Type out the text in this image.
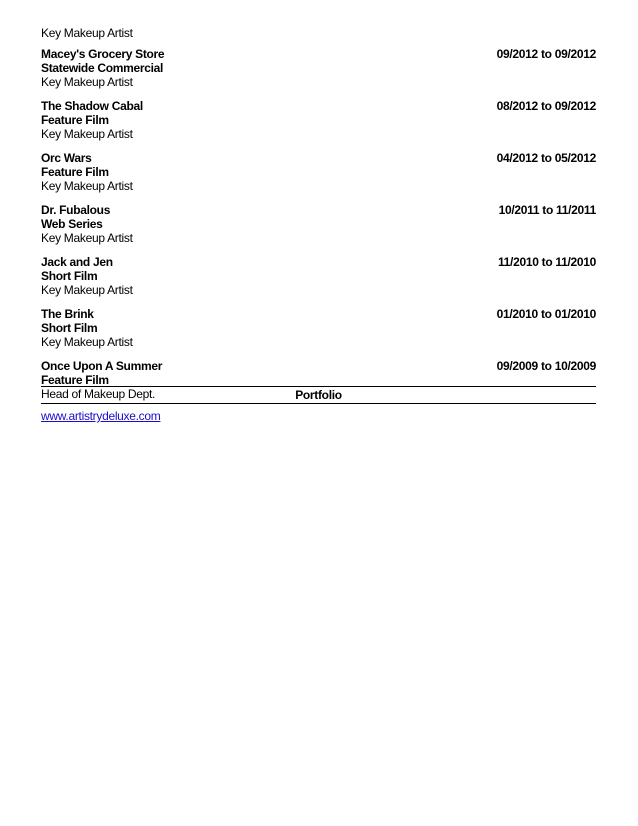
Key Makeup Artist
Macey's Grocery Store	09/2012 to 09/2012
Statewide Commercial
Key Makeup Artist
The Shadow Cabal	08/2012 to 09/2012
Feature Film
Key Makeup Artist
Orc Wars	04/2012 to 05/2012
Feature Film
Key Makeup Artist
Dr. Fubalous	10/2011 to 11/2011
Web Series
Key Makeup Artist
Jack and Jen	11/2010 to 11/2010
Short Film
Key Makeup Artist
The Brink	01/2010 to 01/2010
Short Film
Key Makeup Artist
Once Upon A Summer	09/2009 to 10/2009
Feature Film
Head of Makeup Dept.	Portfolio
www.artistrydeluxe.com
